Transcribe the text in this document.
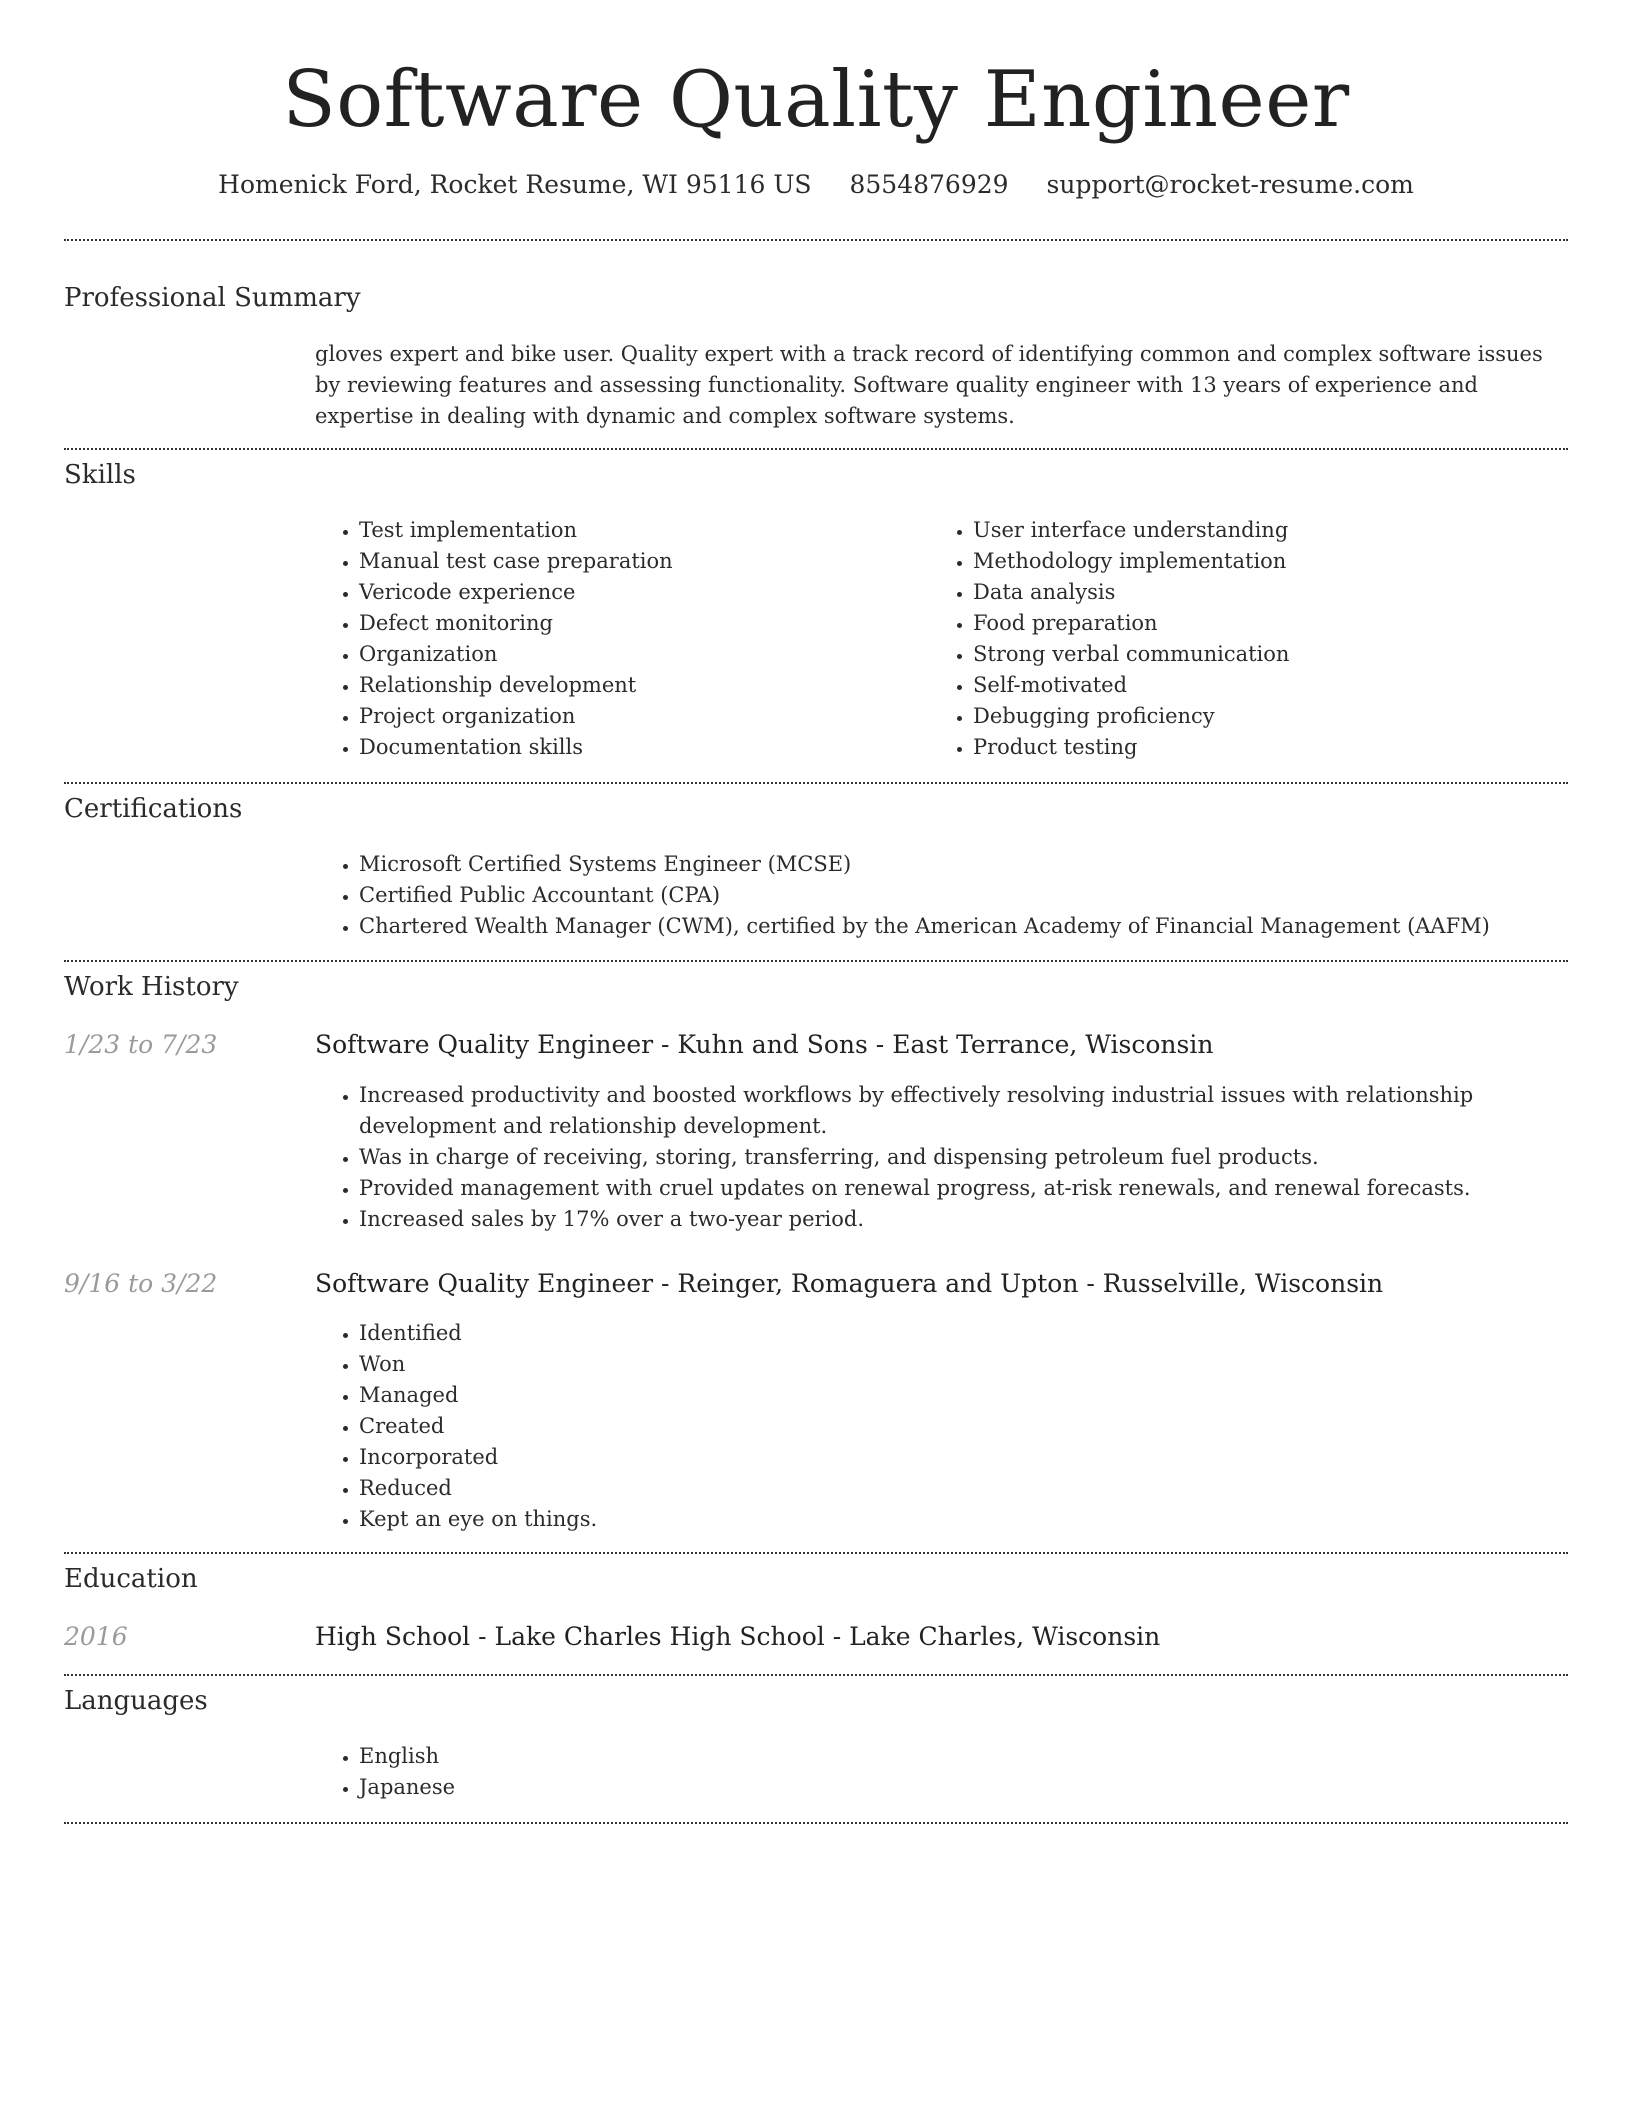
Software Quality Engineer
Homenick Ford, Rocket Resume, WI 95116 US 8554876929 support@rocket-resume.com
Professional Summary

gloves expert and bike user. Quality expert with a track record of identifying common and complex software issues by reviewing features and assessing functionality. Software quality engineer with 13 years of experience and expertise in dealing with dynamic and complex software systems.

Skills
• Test implementation
• Manual test case preparation
• Vericode experience
• Defect monitoring
• Organization
• Relationship development
• Project organization
• Documentation skills
• User interface understanding
• Methodology implementation
• Data analysis
• Food preparation
• Strong verbal communication
• Self-motivated
• Debugging proficiency
• Product testing
Certifications
• Microsoft Certified Systems Engineer (MCSE)
• Certified Public Accountant (CPA)
• Chartered Wealth Manager (CWM), certified by the American Academy of Financial Management (AAFM)
Work History
1/23 to 7/23	Software Quality Engineer - Kuhn and Sons - East Terrance, Wisconsin
• Increased productivity and boosted workflows by effectively resolving industrial issues with relationship development and relationship development.
• Was in charge of receiving, storing, transferring, and dispensing petroleum fuel products.
• Provided management with cruel updates on renewal progress, at-risk renewals, and renewal forecasts.
• Increased sales by 17% over a two-year period.
9/16 to 3/22	Software Quality Engineer - Reinger, Romaguera and Upton - Russelville, Wisconsin
• Identified
• Won
• Managed
• Created
• Incorporated
• Reduced
• Kept an eye on things.
Education
2016	High School - Lake Charles High School - Lake Charles, Wisconsin
Languages
• English
• Japanese
